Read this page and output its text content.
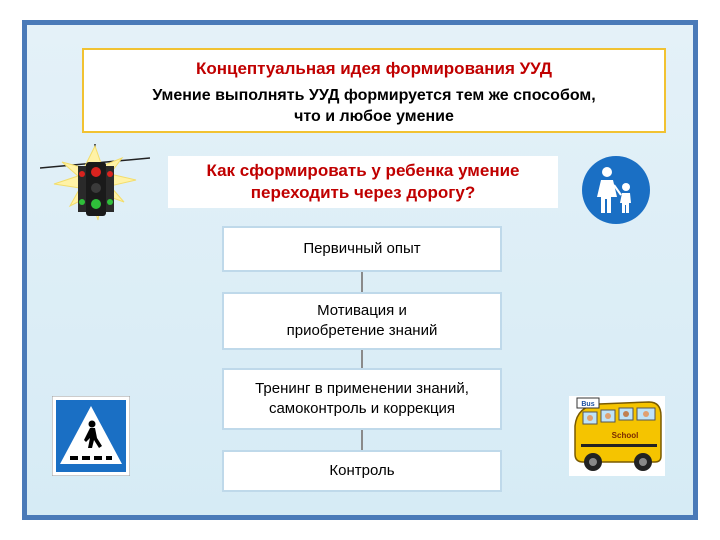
Концептуальная идея формирования УУД
Умение выполнять УУД формируется тем же способом,
что и любое умение
Как сформировать у ребенка умение
переходить через дорогу?
Первичный опыт
Мотивация и
приобретение знаний
Тренинг в применении знаний,
самоконтроль и коррекция
Контроль
Bus
School
